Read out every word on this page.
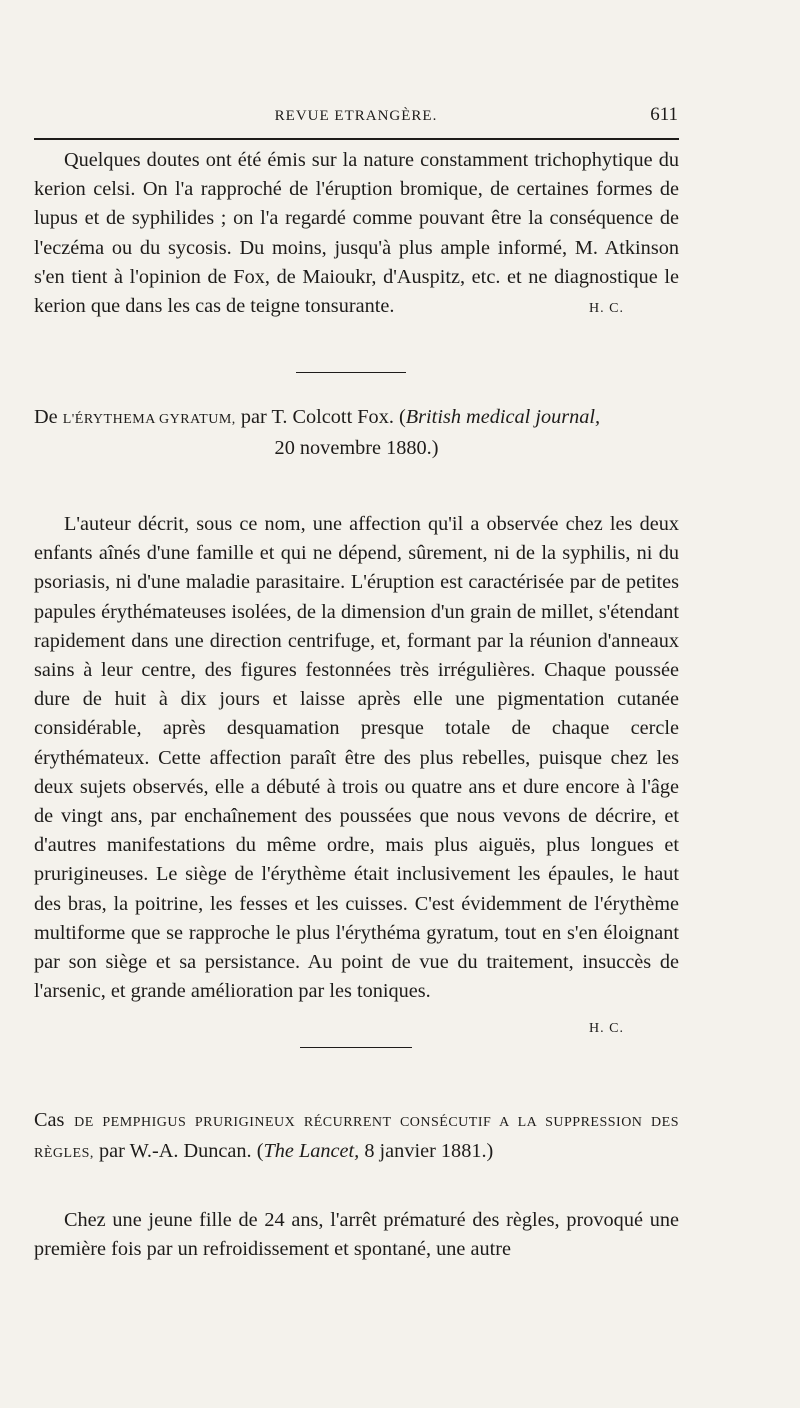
REVUE ETRANGÈRE.	611

Quelques doutes ont été émis sur la nature constamment trichophytique du kerion celsi. On l'a rapproché de l'éruption bromique, de certaines formes de lupus et de syphilides ; on l'a regardé comme pouvant être la conséquence de l'eczéma ou du sycosis. Du moins, jusqu'à plus ample informé, M. Atkinson s'en tient à l'opinion de Fox, de Maioukr, d'Auspitz, etc. et ne diagnostique le kerion que dans les cas de teigne tonsurante.	H. C.

De L'ÉRYTHEMA GYRATUM, par T. Colcott Fox. (British medical journal,
20 novembre 1880.)

L'auteur décrit, sous ce nom, une affection qu'il a observée chez les deux enfants aînés d'une famille et qui ne dépend, sûrement, ni de la syphilis, ni du psoriasis, ni d'une maladie parasitaire. L'éruption est caractérisée par de petites papules érythémateuses isolées, de la dimension d'un grain de millet, s'étendant rapidement dans une direction centrifuge, et, formant par la réunion d'anneaux sains à leur centre, des figures festonnées très irrégulières. Chaque poussée dure de huit à dix jours et laisse après elle une pigmentation cutanée considérable, après desquamation presque totale de chaque cercle érythémateux. Cette affection paraît être des plus rebelles, puisque chez les deux sujets observés, elle a débuté à trois ou quatre ans et dure encore à l'âge de vingt ans, par enchaînement des poussées que nous vevons de décrire, et d'autres manifestations du même ordre, mais plus aiguës, plus longues et prurigineuses. Le siège de l'érythème était inclusivement les épaules, le haut des bras, la poitrine, les fesses et les cuisses. C'est évidemment de l'érythème multiforme que se rapproche le plus l'érythéma gyratum, tout en s'en éloignant par son siège et sa persistance. Au point de vue du traitement, insuccès de l'arsenic, et grande amélioration par les toniques.

H. C.
Cas DE PEMPHIGUS PRURIGINEUX RÉCURRENT CONSÉCUTIF A LA SUPPRESSION DES RÈGLES, par W.-A. Duncan. (The Lancet, 8 janvier 1881.)

Chez une jeune fille de 24 ans, l'arrêt prématuré des règles, provoqué une première fois par un refroidissement et spontané, une autre
